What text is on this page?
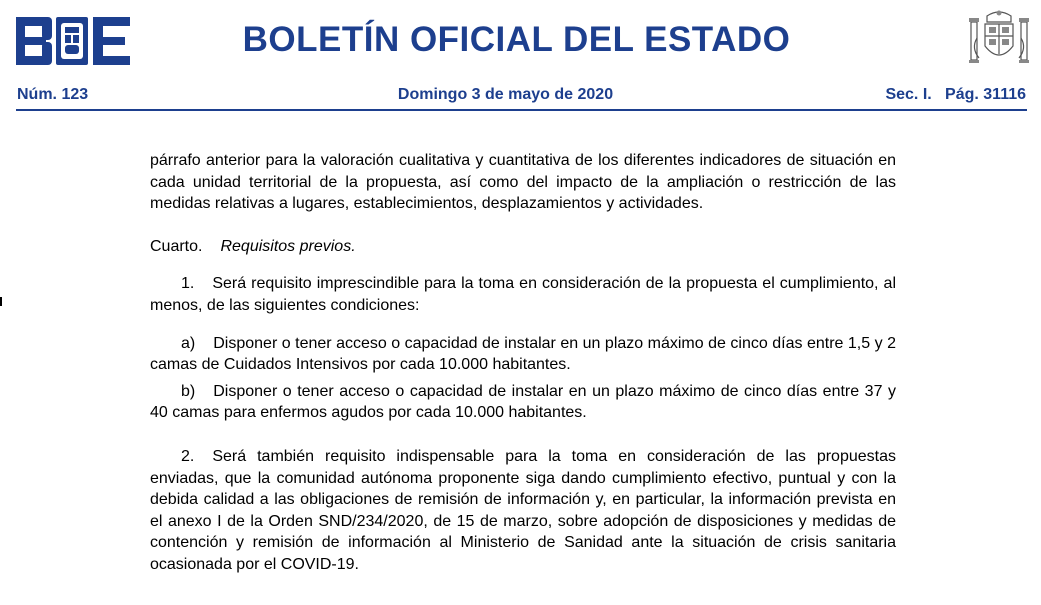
BOLETÍN OFICIAL DEL ESTADO
Núm. 123	Domingo 3 de mayo de 2020	Sec. I.   Pág. 31116

párrafo anterior para la valoración cualitativa y cuantitativa de los diferentes indicadores de situación en cada unidad territorial de la propuesta, así como del impacto de la ampliación o restricción de las medidas relativas a lugares, establecimientos, desplazamientos y actividades.

Cuarto. Requisitos previos.

1. Será requisito imprescindible para la toma en consideración de la propuesta el cumplimiento, al menos, de las siguientes condiciones:

a) Disponer o tener acceso o capacidad de instalar en un plazo máximo de cinco días entre 1,5 y 2 camas de Cuidados Intensivos por cada 10.000 habitantes.

b) Disponer o tener acceso o capacidad de instalar en un plazo máximo de cinco días entre 37 y 40 camas para enfermos agudos por cada 10.000 habitantes.

2. Será también requisito indispensable para la toma en consideración de las propuestas enviadas, que la comunidad autónoma proponente siga dando cumplimiento efectivo, puntual y con la debida calidad a las obligaciones de remisión de información y, en particular, la información prevista en el anexo I de la Orden SND/234/2020, de 15 de marzo, sobre adopción de disposiciones y medidas de contención y remisión de información al Ministerio de Sanidad ante la situación de crisis sanitaria ocasionada por el COVID-19.
